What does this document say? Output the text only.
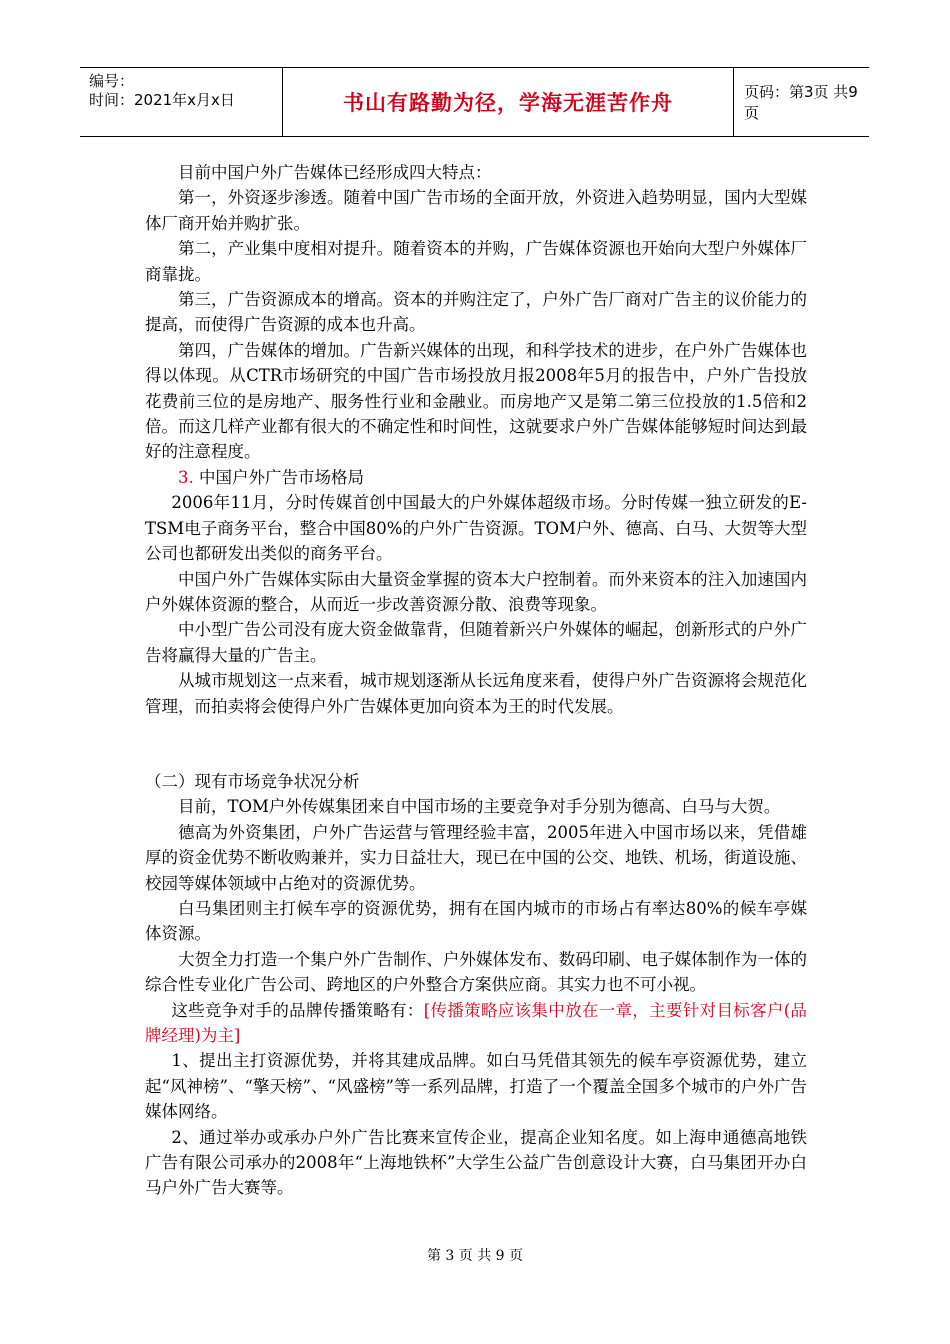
编号：
时间：2021年x月x日	书山有路勤为径，学海无涯苦作舟	页码：第3页 共9页

目前中国户外广告媒体已经形成四大特点：

第一，外资逐步渗透。随着中国广告市场的全面开放，外资进入趋势明显，国内大型媒体厂商开始并购扩张。

第二，产业集中度相对提升。随着资本的并购，广告媒体资源也开始向大型户外媒体厂商靠拢。

第三，广告资源成本的增高。资本的并购注定了，户外广告厂商对广告主的议价能力的提高，而使得广告资源的成本也升高。

第四，广告媒体的增加。广告新兴媒体的出现，和科学技术的进步，在户外广告媒体也得以体现。从CTR市场研究的中国广告市场投放月报2008年5月的报告中，户外广告投放花费前三位的是房地产、服务性行业和金融业。而房地产又是第二第三位投放的1.5倍和2倍。而这几样产业都有很大的不确定性和时间性，这就要求户外广告媒体能够短时间达到最好的注意程度。

3. 中国户外广告市场格局

2006年11月，分时传媒首创中国最大的户外媒体超级市场。分时传媒一独立研发的E-TSM电子商务平台，整合中国80%的户外广告资源。TOM户外、德高、白马、大贺等大型公司也都研发出类似的商务平台。

中国户外广告媒体实际由大量资金掌握的资本大户控制着。而外来资本的注入加速国内户外媒体资源的整合，从而近一步改善资源分散、浪费等现象。

中小型广告公司没有庞大资金做靠背，但随着新兴户外媒体的崛起，创新形式的户外广告将赢得大量的广告主。

从城市规划这一点来看，城市规划逐渐从长远角度来看，使得户外广告资源将会规范化管理，而拍卖将会使得户外广告媒体更加向资本为王的时代发展。

（二）现有市场竞争状况分析

目前，TOM户外传媒集团来自中国市场的主要竞争对手分别为德高、白马与大贺。

德高为外资集团，户外广告运营与管理经验丰富，2005年进入中国市场以来，凭借雄厚的资金优势不断收购兼并，实力日益壮大，现已在中国的公交、地铁、机场，街道设施、校园等媒体领域中占绝对的资源优势。

白马集团则主打候车亭的资源优势，拥有在国内城市的市场占有率达80%的候车亭媒体资源。

大贺全力打造一个集户外广告制作、户外媒体发布、数码印刷、电子媒体制作为一体的综合性专业化广告公司、跨地区的户外整合方案供应商。其实力也不可小视。

这些竞争对手的品牌传播策略有：[传播策略应该集中放在一章，主要针对目标客户(品牌经理)为主]

1、提出主打资源优势，并将其建成品牌。如白马凭借其领先的候车亭资源优势，建立起“风神榜”、“擎天榜”、“风盛榜”等一系列品牌，打造了一个覆盖全国多个城市的户外广告媒体网络。

2、通过举办或承办户外广告比赛来宣传企业，提高企业知名度。如上海申通德高地铁广告有限公司承办的2008年“上海地铁杯”大学生公益广告创意设计大赛，白马集团开办白马户外广告大赛等。

第 3 页 共 9 页
